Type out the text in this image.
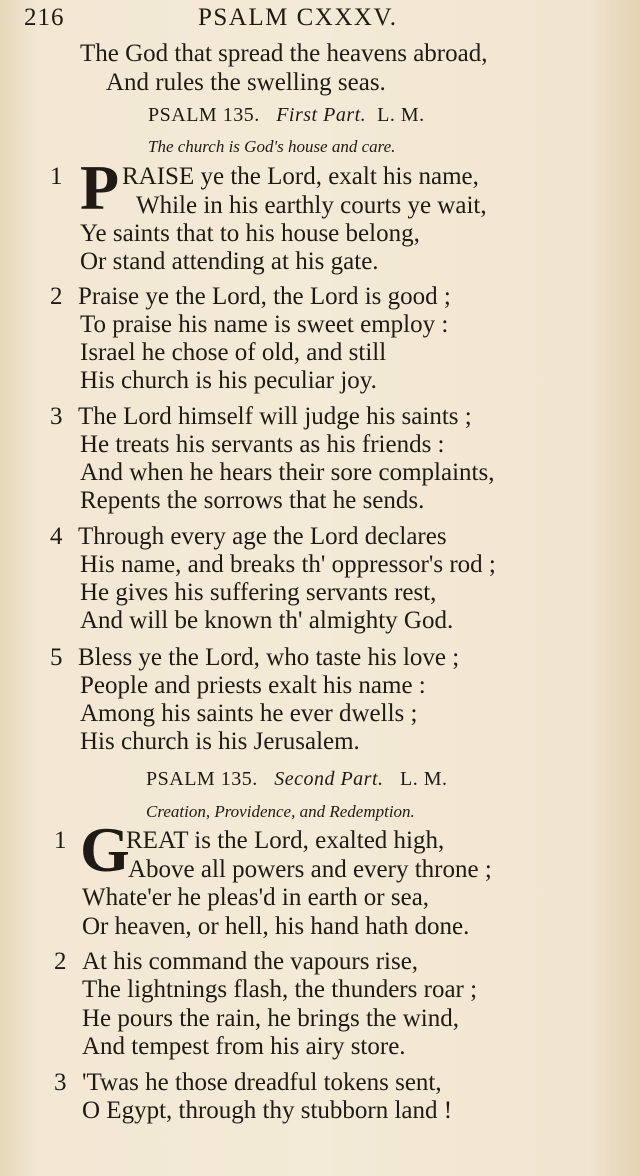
216	PSALM CXXXV.
The God that spread the heavens abroad,
And rules the swelling seas.
PSALM 135. First Part. L. M.
The church is God's house and care.
1 P RAISE ye the Lord, exalt his name,
While in his earthly courts ye wait,
Ye saints that to his house belong,
Or stand attending at his gate.
2 Praise ye the Lord, the Lord is good ;
To praise his name is sweet employ :
Israel he chose of old, and still
His church is his peculiar joy.
3 The Lord himself will judge his saints ;
He treats his servants as his friends :
And when he hears their sore complaints,
Repents the sorrows that he sends.
4 Through every age the Lord declares
His name, and breaks th' oppressor's rod ;
He gives his suffering servants rest,
And will be known th' almighty God.
5 Bless ye the Lord, who taste his love ;
People and priests exalt his name :
Among his saints he ever dwells ;
His church is his Jerusalem.
PSALM 135. Second Part. L. M.
Creation, Providence, and Redemption.
1 G
REAT is the Lord, exalted high,
Above all powers and every throne ;
Whate'er he pleas'd in earth or sea,
Or heaven, or hell, his hand hath done.
2 At his command the vapours rise,
The lightnings flash, the thunders roar ;
He pours the rain, he brings the wind,
And tempest from his airy store.
3 'Twas he those dreadful tokens sent,
O Egypt, through thy stubborn land !
